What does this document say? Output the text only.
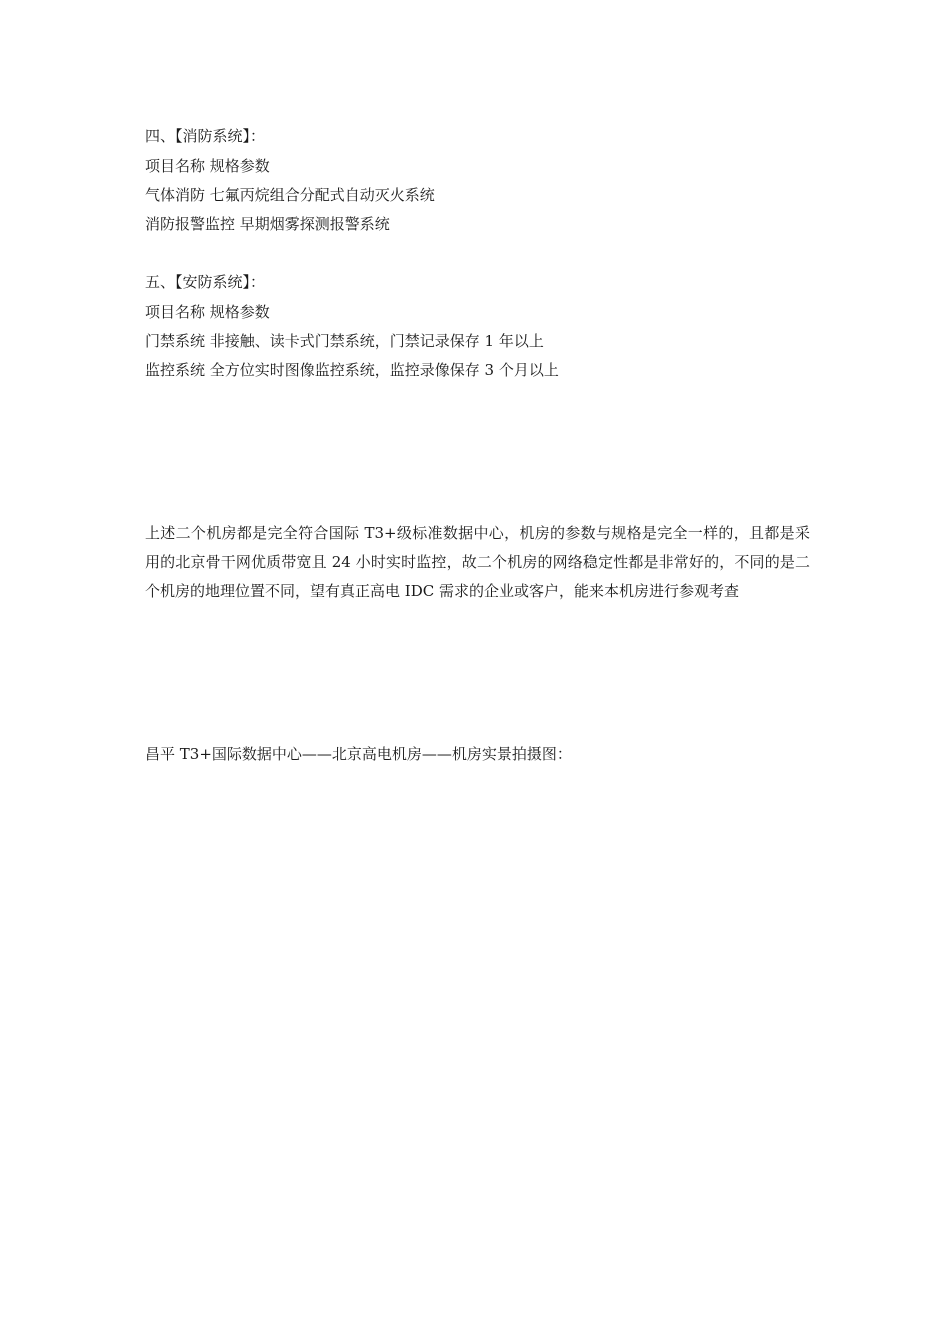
四、【消防系统】：
项目名称 规格参数
气体消防 七氟丙烷组合分配式自动灭火系统
消防报警监控 早期烟雾探测报警系统
五、【安防系统】：
项目名称 规格参数
门禁系统 非接触、读卡式门禁系统，门禁记录保存 1 年以上
监控系统 全方位实时图像监控系统，监控录像保存 3 个月以上
上述二个机房都是完全符合国际 T3+级标准数据中心，机房的参数与规格是完全一样的，且都是采用的北京骨干网优质带宽且 24 小时实时监控，故二个机房的网络稳定性都是非常好的，不同的是二个机房的地理位置不同，望有真正高电 IDC 需求的企业或客户，能来本机房进行参观考查
昌平 T3+国际数据中心——北京高电机房——机房实景拍摄图：
